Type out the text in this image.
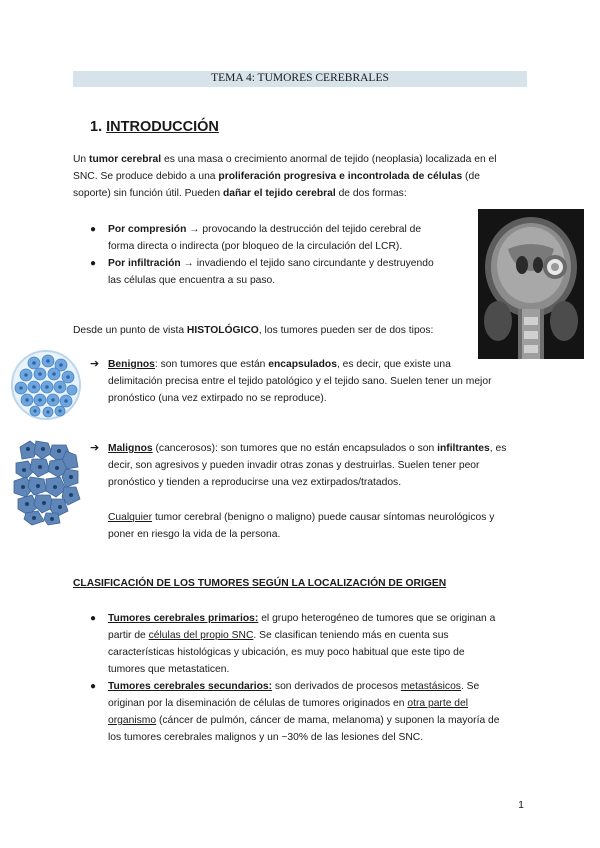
TEMA 4: TUMORES CEREBRALES
1. INTRODUCCIÓN
Un tumor cerebral es una masa o crecimiento anormal de tejido (neoplasia) localizada en el
SNC. Se produce debido a una proliferación progresiva e incontrolada de células (de
soporte) sin función útil. Pueden dañar el tejido cerebral de dos formas:
● Por compresión → provocando la destrucción del tejido cerebral de
forma directa o indirecta (por bloqueo de la circulación del LCR).
● Por infiltración → invadiendo el tejido sano circundante y destruyendo
las células que encuentra a su paso.
Desde un punto de vista HISTOLÓGICO, los tumores pueden ser de dos tipos:
➔ Benignos: son tumores que están encapsulados, es decir, que existe una
delimitación precisa entre el tejido patológico y el tejido sano. Suelen tener un mejor
pronóstico (una vez extirpado no se reproduce).
➔ Malignos (cancerosos): son tumores que no están encapsulados o son infiltrantes, es
decir, son agresivos y pueden invadir otras zonas y destruirlas. Suelen tener peor
pronóstico y tienden a reproducirse una vez extirpados/tratados.
Cualquier tumor cerebral (benigno o maligno) puede causar síntomas neurológicos y
poner en riesgo la vida de la persona.
CLASIFICACIÓN DE LOS TUMORES SEGÚN LA LOCALIZACIÓN DE ORIGEN
● Tumores cerebrales primarios: el grupo heterogéneo de tumores que se originan a
partir de células del propio SNC. Se clasifican teniendo más en cuenta sus
características histológicas y ubicación, es muy poco habitual que este tipo de
tumores que metastaticen.
● Tumores cerebrales secundarios: son derivados de procesos metastásicos. Se
originan por la diseminación de células de tumores originados en otra parte del
organismo (cáncer de pulmón, cáncer de mama, melanoma) y suponen la mayoría de
los tumores cerebrales malignos y un ~30% de las lesiones del SNC.
1
